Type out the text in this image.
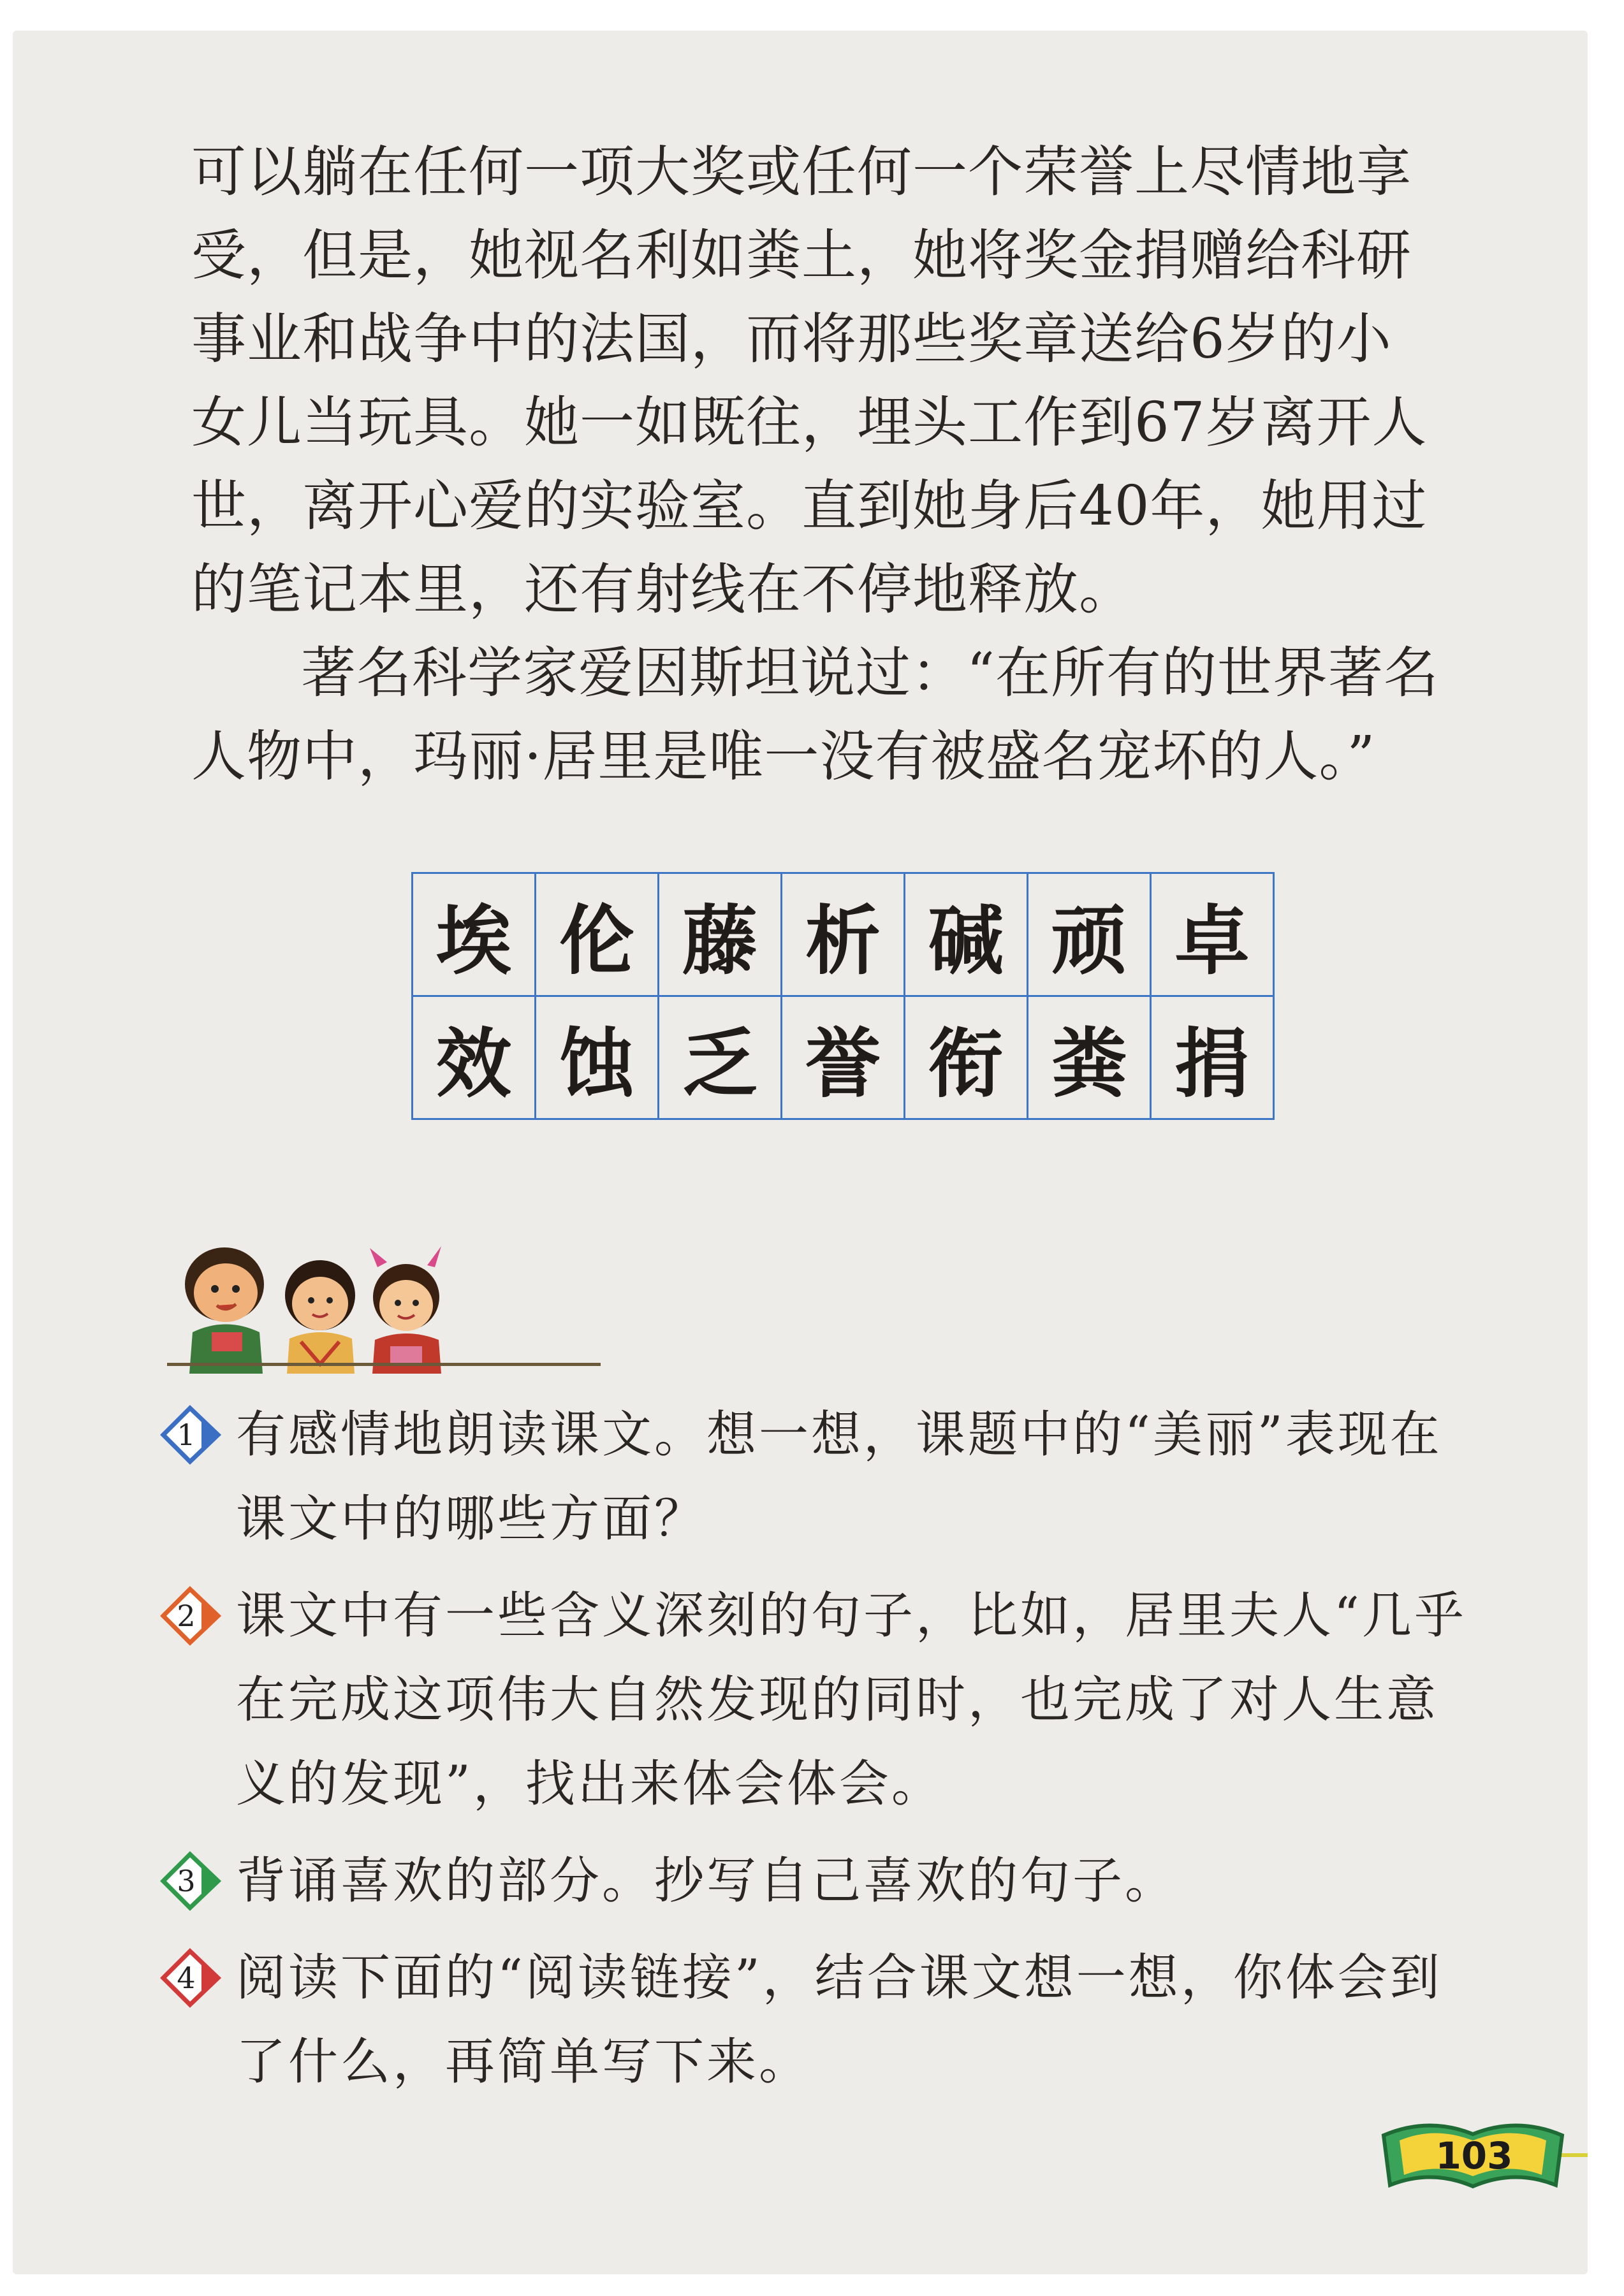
可以躺在任何一项大奖或任何一个荣誉上尽情地享受，但是，她视名利如粪土，她将奖金捐赠给科研事业和战争中的法国，而将那些奖章送给6岁的小女儿当玩具。她一如既往，埋头工作到67岁离开人世，离开心爱的实验室。直到她身后40年，她用过的笔记本里，还有射线在不停地释放。

著名科学家爱因斯坦说过：“在所有的世界著名人物中，玛丽·居里是唯一没有被盛名宠坏的人。”

埃	伦	藤	析	碱	顽	卓
效	蚀	乏	誉	衔	粪	捐
1 有感情地朗读课文。想一想，课题中的“美丽”表现在课文中的哪些方面？
2 课文中有一些含义深刻的句子，比如，居里夫人“几乎在完成这项伟大自然发现的同时，也完成了对人生意义的发现”，找出来体会体会。
3 背诵喜欢的部分。抄写自己喜欢的句子。
4 阅读下面的“阅读链接”，结合课文想一想，你体会到了什么，再简单写下来。
103
